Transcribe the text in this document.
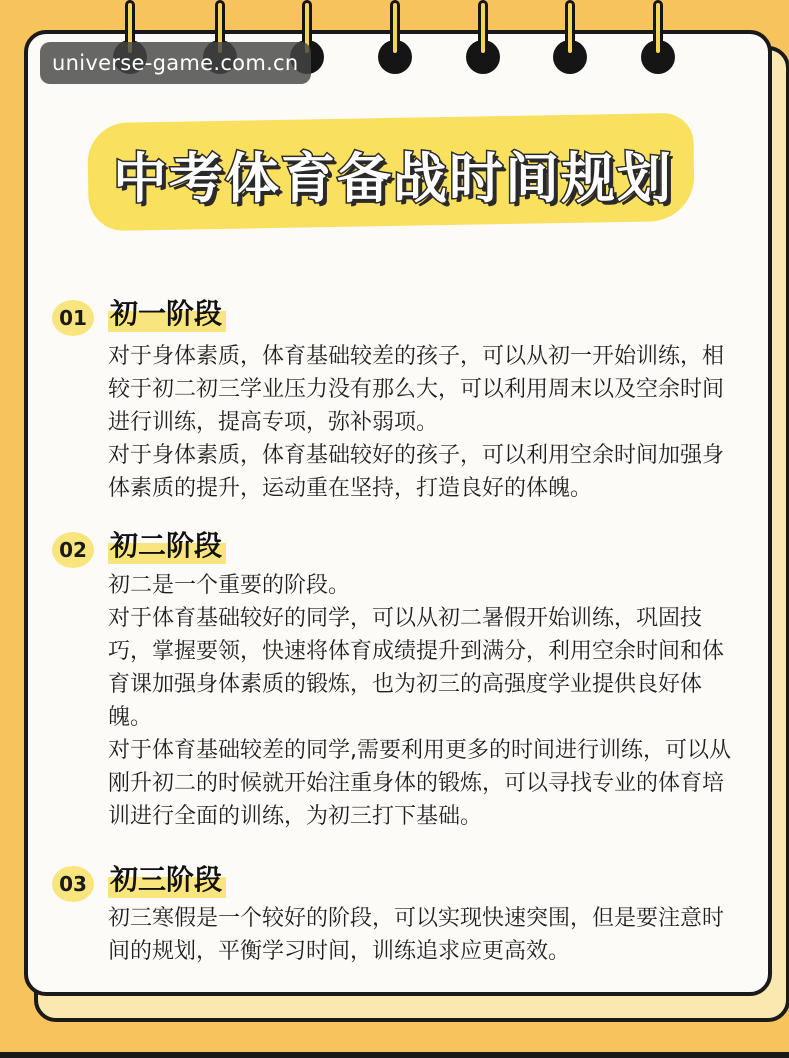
universe-game.com.cn
中考体育备战时间规划
01 初一阶段

对于身体素质，体育基础较差的孩子，可以从初一开始训练，相较于初二初三学业压力没有那么大，可以利用周末以及空余时间进行训练，提高专项，弥补弱项。

对于身体素质，体育基础较好的孩子，可以利用空余时间加强身体素质的提升，运动重在坚持，打造良好的体魄。

02 初二阶段

初二是一个重要的阶段。

对于体育基础较好的同学，可以从初二暑假开始训练，巩固技巧，掌握要领，快速将体育成绩提升到满分，利用空余时间和体育课加强身体素质的锻炼，也为初三的高强度学业提供良好体魄。

对于体育基础较差的同学,需要利用更多的时间进行训练，可以从刚升初二的时候就开始注重身体的锻炼，可以寻找专业的体育培训进行全面的训练，为初三打下基础。

03 初三阶段

初三寒假是一个较好的阶段，可以实现快速突围，但是要注意时间的规划，平衡学习时间，训练追求应更高效。
